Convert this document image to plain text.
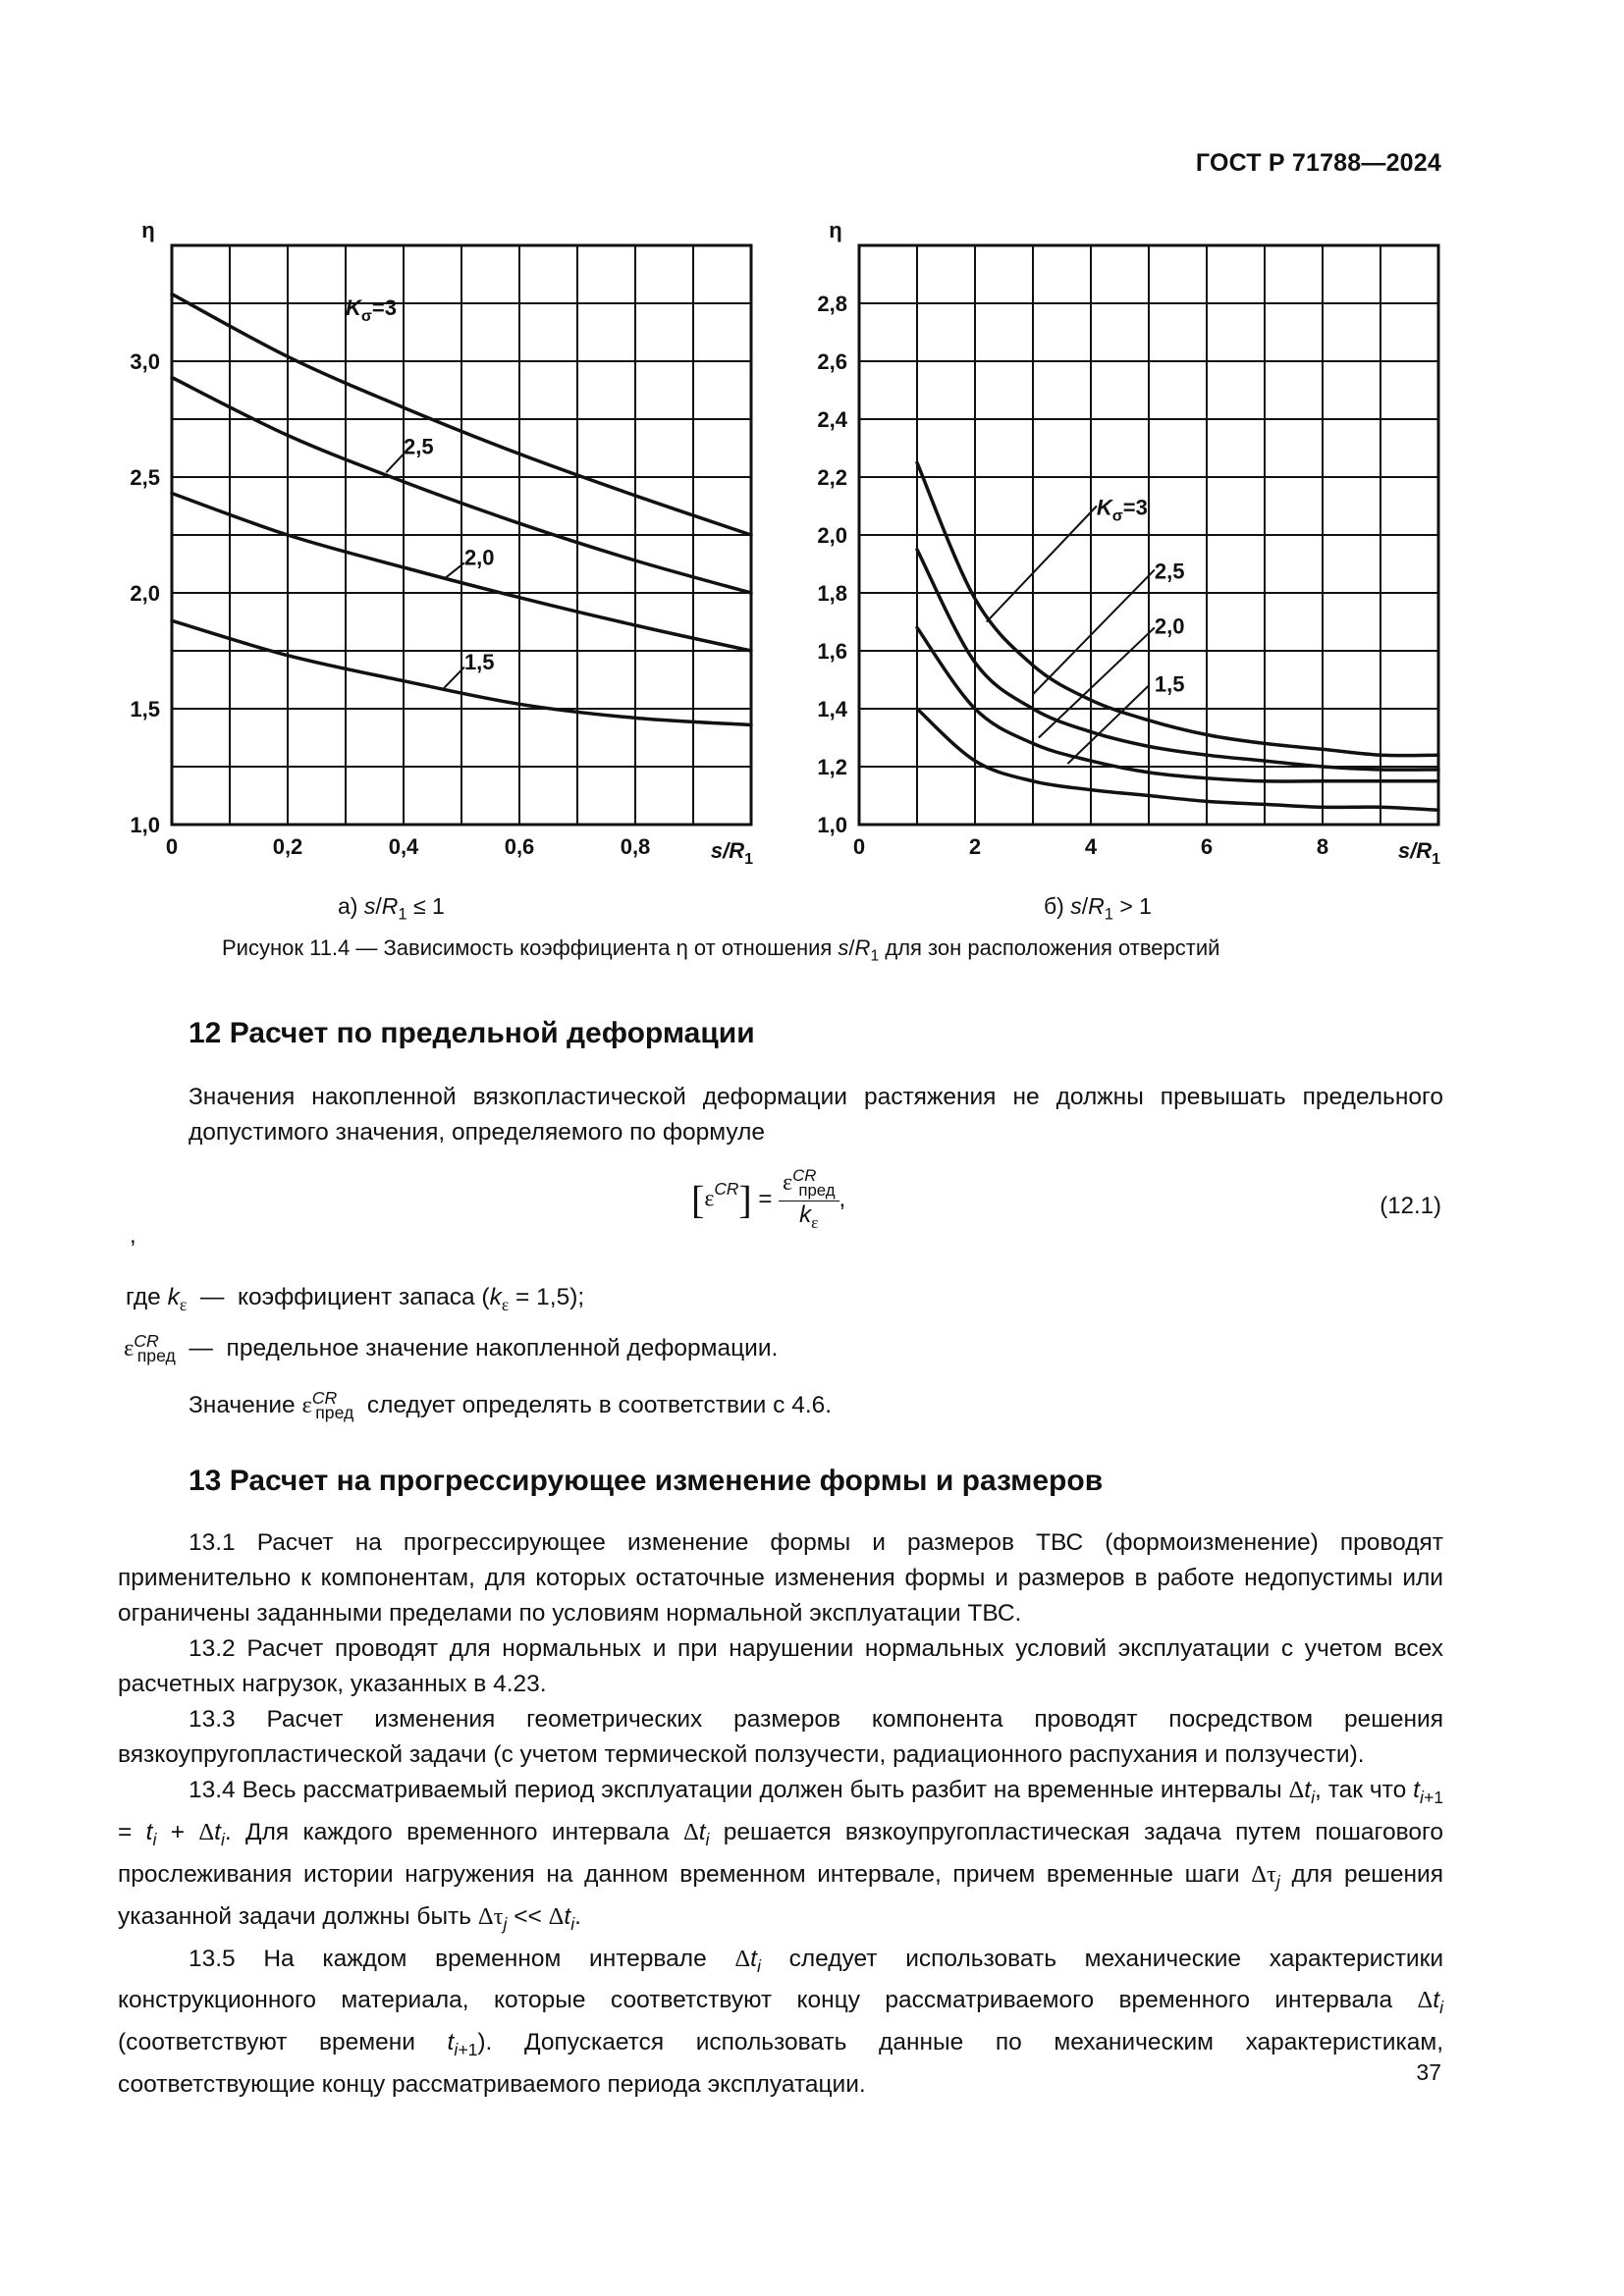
ГОСТ Р 71788—2024
0	0,2	0,4	0,6	0,8
1,0
1,5
2,0
2,5
3,0
η
$s/R_1$
$K_\sigma=3$
2,5
2,0
1,5
0	2	4	6	8
1,0
1,2
1,4
1,6
1,8
2,0
2,2
2,4
2,6
2,8
η
$s/R_1$
$K_\sigma=3$
2,5
2,0
1,5
а) $s/R_1 \le 1$	б) $s/R_1 > 1$
Рисунок 11.4 — Зависимость коэффициента η от отношения $s/R_1$ для зон расположения отверстий
12 Расчет по предельной деформации

Значения накопленной вязкопластической деформации растяжения не должны превышать предельного допустимого значения, определяемого по формуле

$[\varepsilon^{CR}] = \frac{\varepsilon^{CR}_{пред}}{k_\varepsilon}$ ,	(12.1)
,
где $k_\varepsilon$  —  коэффициент запаса $(k_\varepsilon = 1,5)$;
$\varepsilon^{CR}_{пред}$  —  предельное значение накопленной деформации.
Значение $\varepsilon^{CR}_{пред}$ следует определять в соответствии с 4.6.
13 Расчет на прогрессирующее изменение формы и размеров

13.1 Расчет на прогрессирующее изменение формы и размеров ТВС (формоизменение) проводят применительно к компонентам, для которых остаточные изменения формы и размеров в работе недопустимы или ограничены заданными пределами по условиям нормальной эксплуатации ТВС.

13.2 Расчет проводят для нормальных и при нарушении нормальных условий эксплуатации с учетом всех расчетных нагрузок, указанных в 4.23.

13.3 Расчет изменения геометрических размеров компонента проводят посредством решения вязкоупругопластической задачи (с учетом термической ползучести, радиационного распухания и ползучести).

13.4 Весь рассматриваемый период эксплуатации должен быть разбит на временные интервалы $\Delta t_i$, так что $t_{i+1} = t_i + \Delta t_i$. Для каждого временного интервала $\Delta t_i$ решается вязкоупругопластическая задача путем пошагового прослеживания истории нагружения на данном временном интервале, причем временные шаги $\Delta\tau_j$ для решения указанной задачи должны быть $\Delta\tau_j << \Delta t_i$.

13.5 На каждом временном интервале $\Delta t_i$ следует использовать механические характеристики конструкционного материала, которые соответствуют концу рассматриваемого временного интервала $\Delta t_i$ (соответствуют времени $t_{i+1}$). Допускается использовать данные по механическим характеристикам, соответствующие концу рассматриваемого периода эксплуатации.	37
